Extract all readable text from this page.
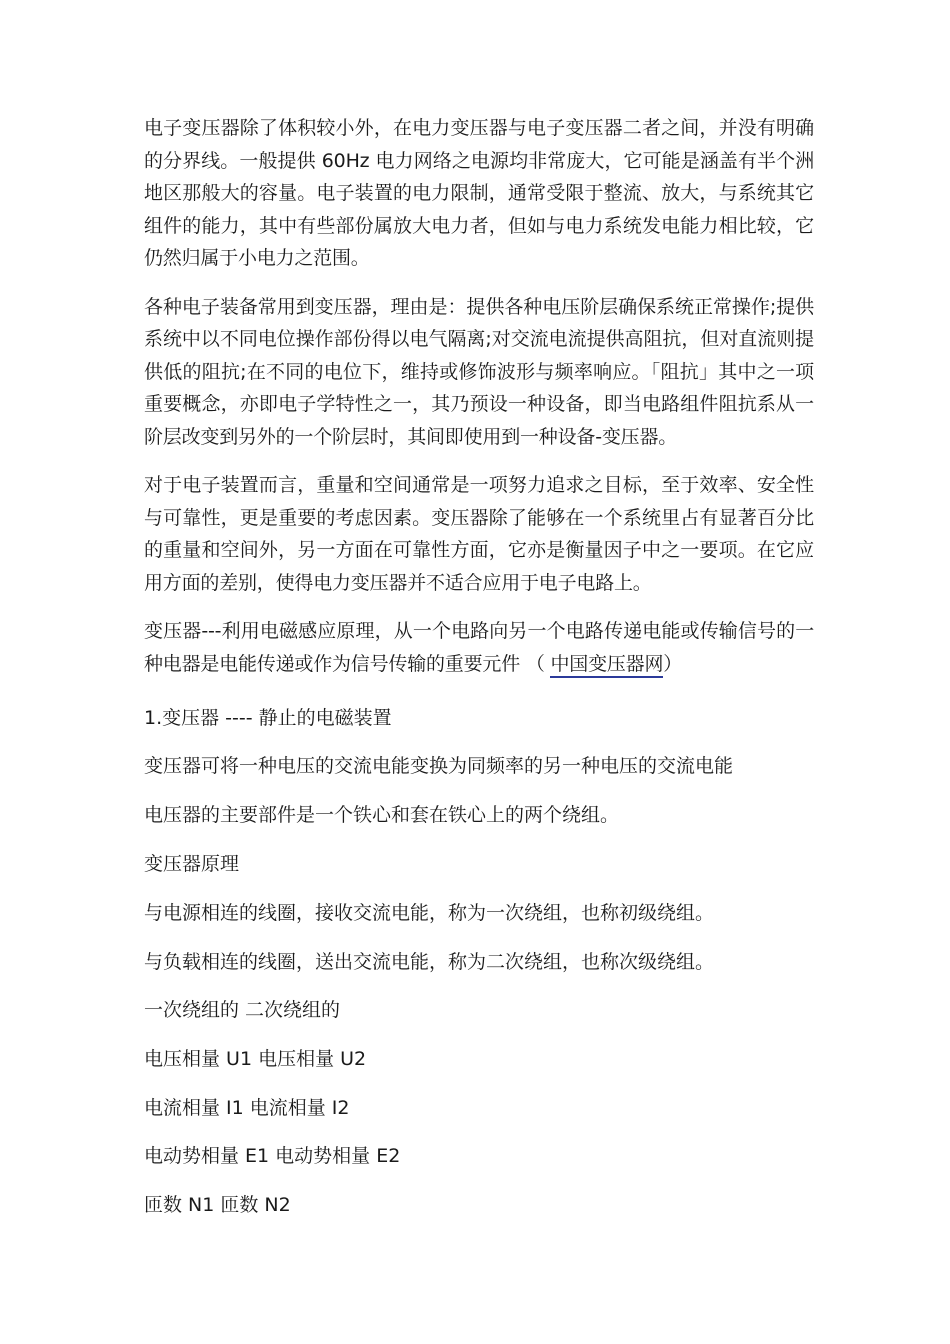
电子变压器除了体积较小外，在电力变压器与电子变压器二者之间，并没有明确的分界线。一般提供 60Hz 电力网络之电源均非常庞大，它可能是涵盖有半个洲地区那般大的容量。电子装置的电力限制，通常受限于整流、放大，与系统其它组件的能力，其中有些部份属放大电力者，但如与电力系统发电能力相比较，它仍然归属于小电力之范围。

各种电子装备常用到变压器，理由是：提供各种电压阶层确保系统正常操作;提供系统中以不同电位操作部份得以电气隔离;对交流电流提供高阻抗，但对直流则提供低的阻抗;在不同的电位下，维持或修饰波形与频率响应。「阻抗」其中之一项重要概念，亦即电子学特性之一，其乃预设一种设备，即当电路组件阻抗系从一阶层改变到另外的一个阶层时，其间即使用到一种设备-变压器。

对于电子装置而言，重量和空间通常是一项努力追求之目标，至于效率、安全性与可靠性，更是重要的考虑因素。变压器除了能够在一个系统里占有显著百分比的重量和空间外，另一方面在可靠性方面，它亦是衡量因子中之一要项。在它应用方面的差别，使得电力变压器并不适合应用于电子电路上。

变压器---利用电磁感应原理，从一个电路向另一个电路传递电能或传输信号的一种电器是电能传递或作为信号传输的重要元件 （ 中国变压器网）

1.变压器 ---- 静止的电磁装置
变压器可将一种电压的交流电能变换为同频率的另一种电压的交流电能
电压器的主要部件是一个铁心和套在铁心上的两个绕组。
变压器原理
与电源相连的线圈，接收交流电能，称为一次绕组，也称初级绕组。
与负载相连的线圈，送出交流电能，称为二次绕组，也称次级绕组。
一次绕组的 二次绕组的
电压相量 U1 电压相量 U2
电流相量 I1 电流相量 I2
电动势相量 E1 电动势相量 E2
匝数 N1 匝数 N2
